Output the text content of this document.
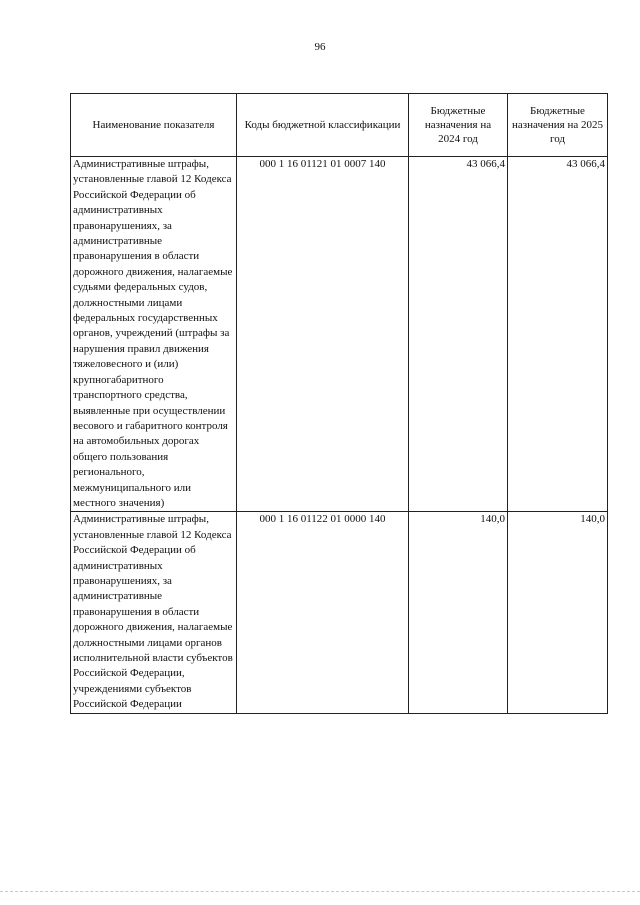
96
Наименование показателя	Коды бюджетной классификации	Бюджетные назначения на 2024 год	Бюджетные назначения на 2025 год
Административные штрафы, установленные главой 12 Кодекса Российской Федерации об административных правонарушениях, за административные правонарушения в области дорожного движения, налагаемые судьями федеральных судов, должностными лицами федеральных государственных органов, учреждений (штрафы за нарушения правил движения тяжеловесного и (или) крупногабаритного транспортного средства, выявленные при осуществлении весового и габаритного контроля на автомобильных дорогах общего пользования регионального, межмуниципального или местного значения)	000 1 16 01121 01 0007 140	43 066,4	43 066,4
Административные штрафы, установленные главой 12 Кодекса Российской Федерации об административных правонарушениях, за административные правонарушения в области дорожного движения, налагаемые должностными лицами органов исполнительной власти субъектов Российской Федерации, учреждениями субъектов Российской Федерации	000 1 16 01122 01 0000 140	140,0	140,0
